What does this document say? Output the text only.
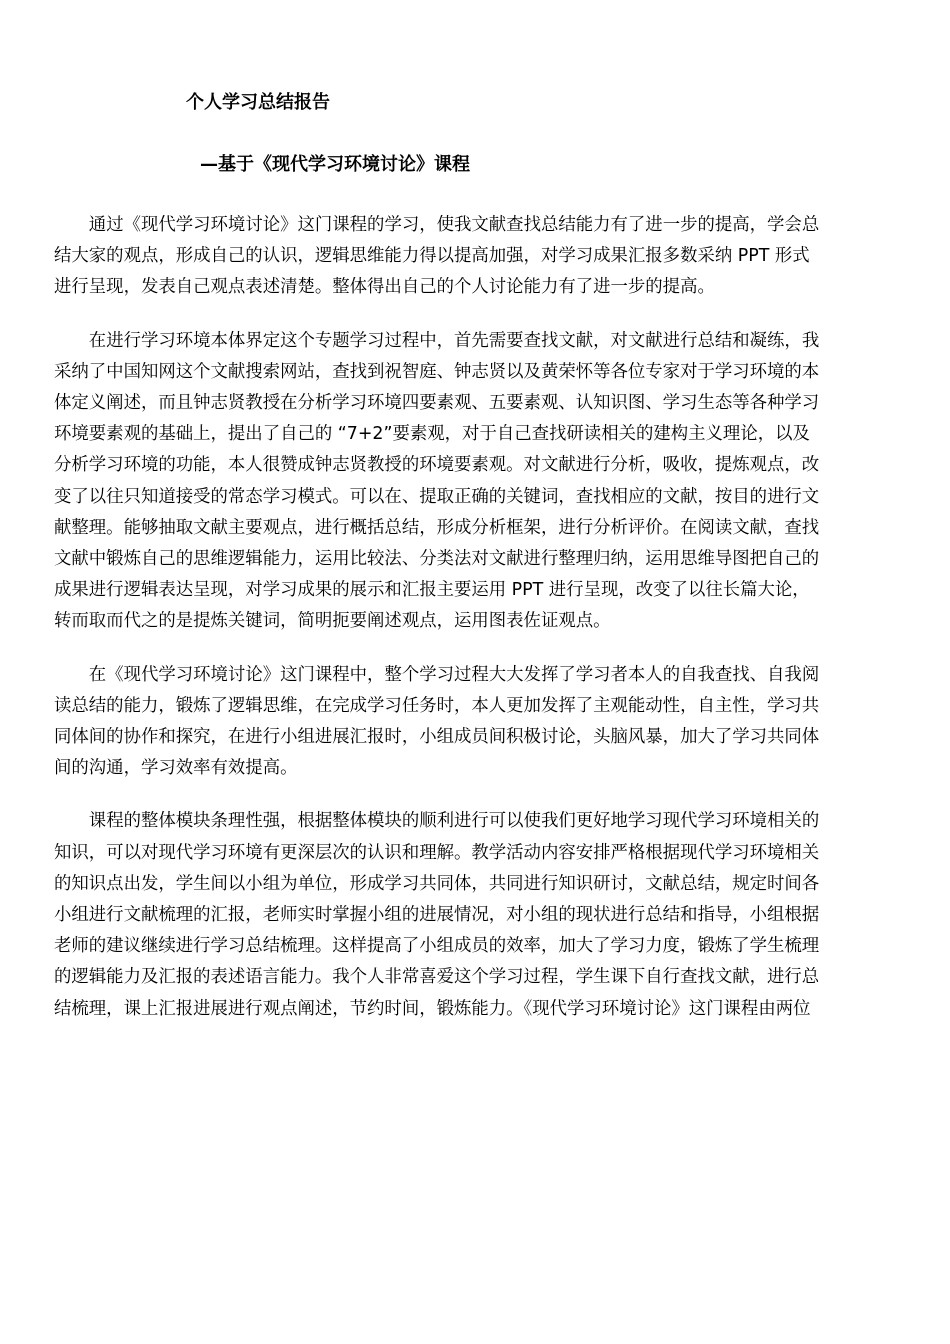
个人学习总结报告
—基于《现代学习环境讨论》课程
通过《现代学习环境讨论》这门课程的学习，使我文献查找总结能力有了进一步的提高，学会总
结大家的观点，形成自己的认识，逻辑思维能力得以提高加强，对学习成果汇报多数采纳 PPT 形式
进行呈现，发表自己观点表述清楚。整体得出自己的个人讨论能力有了进一步的提高。
在进行学习环境本体界定这个专题学习过程中，首先需要查找文献，对文献进行总结和凝练，我
采纳了中国知网这个文献搜索网站，查找到祝智庭、钟志贤以及黄荣怀等各位专家对于学习环境的本
体定义阐述，而且钟志贤教授在分析学习环境四要素观、五要素观、认知识图、学习生态等各种学习
环境要素观的基础上，提出了自己的 “7+2”要素观，对于自己查找研读相关的建构主义理论，以及
分析学习环境的功能，本人很赞成钟志贤教授的环境要素观。对文献进行分析，吸收，提炼观点，改
变了以往只知道接受的常态学习模式。可以在、提取正确的关键词，查找相应的文献，按目的进行文
献整理。能够抽取文献主要观点，进行概括总结，形成分析框架，进行分析评价。在阅读文献，查找
文献中锻炼自己的思维逻辑能力，运用比较法、分类法对文献进行整理归纳，运用思维导图把自己的
成果进行逻辑表达呈现，对学习成果的展示和汇报主要运用 PPT 进行呈现，改变了以往长篇大论，
转而取而代之的是提炼关键词，简明扼要阐述观点，运用图表佐证观点。
在《现代学习环境讨论》这门课程中，整个学习过程大大发挥了学习者本人的自我查找、自我阅
读总结的能力，锻炼了逻辑思维，在完成学习任务时，本人更加发挥了主观能动性，自主性，学习共
同体间的协作和探究，在进行小组进展汇报时，小组成员间积极讨论，头脑风暴，加大了学习共同体
间的沟通，学习效率有效提高。
课程的整体模块条理性强，根据整体模块的顺利进行可以使我们更好地学习现代学习环境相关的
知识，可以对现代学习环境有更深层次的认识和理解。教学活动内容安排严格根据现代学习环境相关
的知识点出发，学生间以小组为单位，形成学习共同体，共同进行知识研讨，文献总结，规定时间各
小组进行文献梳理的汇报，老师实时掌握小组的进展情况，对小组的现状进行总结和指导，小组根据
老师的建议继续进行学习总结梳理。这样提高了小组成员的效率，加大了学习力度，锻炼了学生梳理
的逻辑能力及汇报的表述语言能力。我个人非常喜爱这个学习过程，学生课下自行查找文献，进行总
结梳理，课上汇报进展进行观点阐述，节约时间，锻炼能力。《现代学习环境讨论》这门课程由两位
